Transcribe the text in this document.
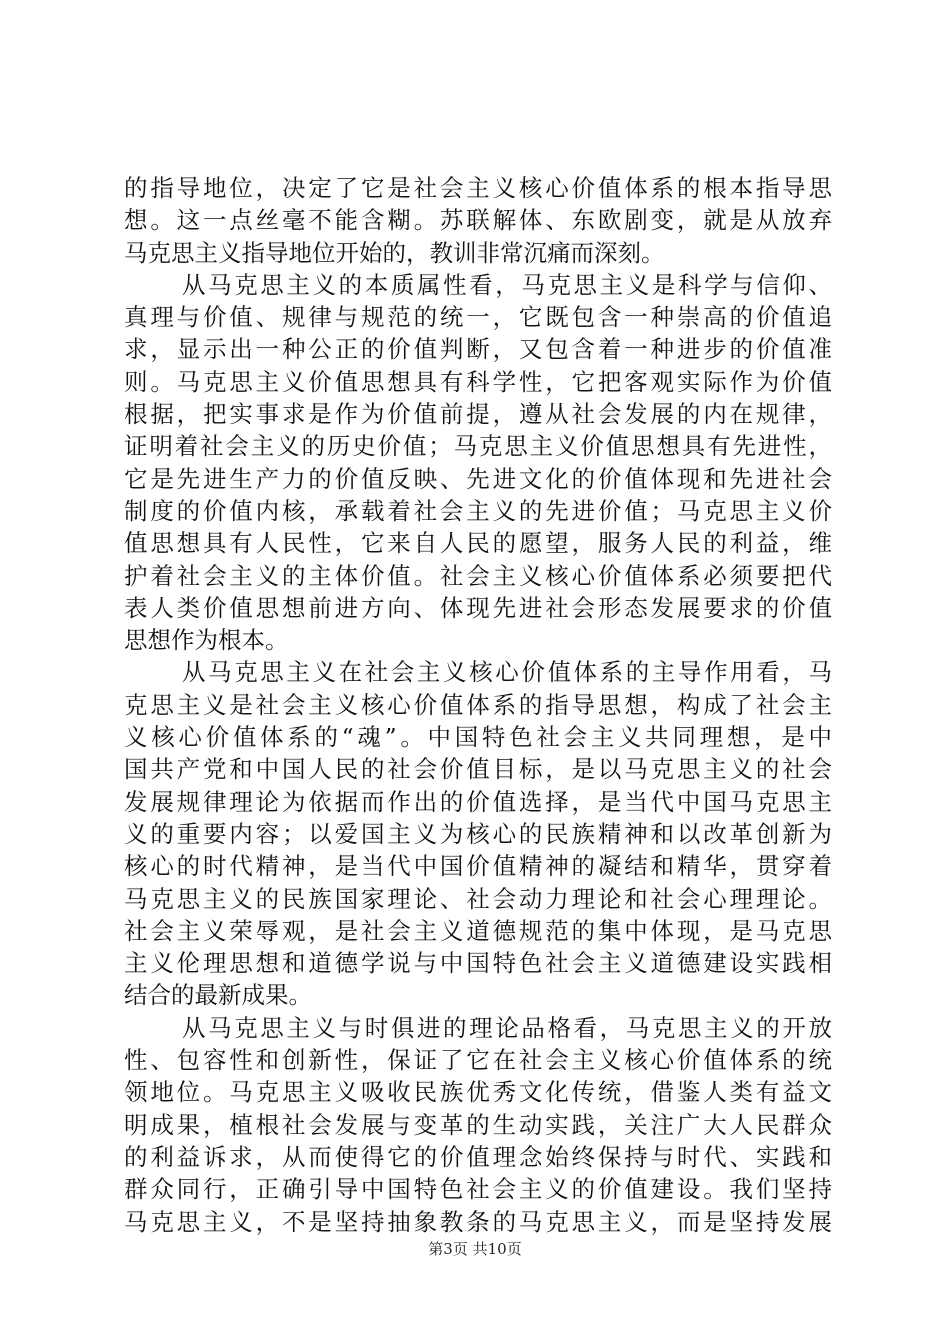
的指导地位，决定了它是社会主义核心价值体系的根本指导思
想。这一点丝毫不能含糊。苏联解体、东欧剧变，就是从放弃
马克思主义指导地位开始的，教训非常沉痛而深刻。
从马克思主义的本质属性看，马克思主义是科学与信仰、
真理与价值、规律与规范的统一，它既包含一种崇高的价值追
求，显示出一种公正的价值判断，又包含着一种进步的价值准
则。马克思主义价值思想具有科学性，它把客观实际作为价值
根据，把实事求是作为价值前提，遵从社会发展的内在规律，
证明着社会主义的历史价值；马克思主义价值思想具有先进性，
它是先进生产力的价值反映、先进文化的价值体现和先进社会
制度的价值内核，承载着社会主义的先进价值；马克思主义价
值思想具有人民性，它来自人民的愿望，服务人民的利益，维
护着社会主义的主体价值。社会主义核心价值体系必须要把代
表人类价值思想前进方向、体现先进社会形态发展要求的价值
思想作为根本。
从马克思主义在社会主义核心价值体系的主导作用看，马
克思主义是社会主义核心价值体系的指导思想，构成了社会主
义核心价值体系的“魂”。中国特色社会主义共同理想，是中
国共产党和中国人民的社会价值目标，是以马克思主义的社会
发展规律理论为依据而作出的价值选择，是当代中国马克思主
义的重要内容；以爱国主义为核心的民族精神和以改革创新为
核心的时代精神，是当代中国价值精神的凝结和精华，贯穿着
马克思主义的民族国家理论、社会动力理论和社会心理理论。
社会主义荣辱观，是社会主义道德规范的集中体现，是马克思
主义伦理思想和道德学说与中国特色社会主义道德建设实践相
结合的最新成果。
从马克思主义与时俱进的理论品格看，马克思主义的开放
性、包容性和创新性，保证了它在社会主义核心价值体系的统
领地位。马克思主义吸收民族优秀文化传统，借鉴人类有益文
明成果，植根社会发展与变革的生动实践，关注广大人民群众
的利益诉求，从而使得它的价值理念始终保持与时代、实践和
群众同行，正确引导中国特色社会主义的价值建设。我们坚持
马克思主义，不是坚持抽象教条的马克思主义，而是坚持发展
第3页 共10页
